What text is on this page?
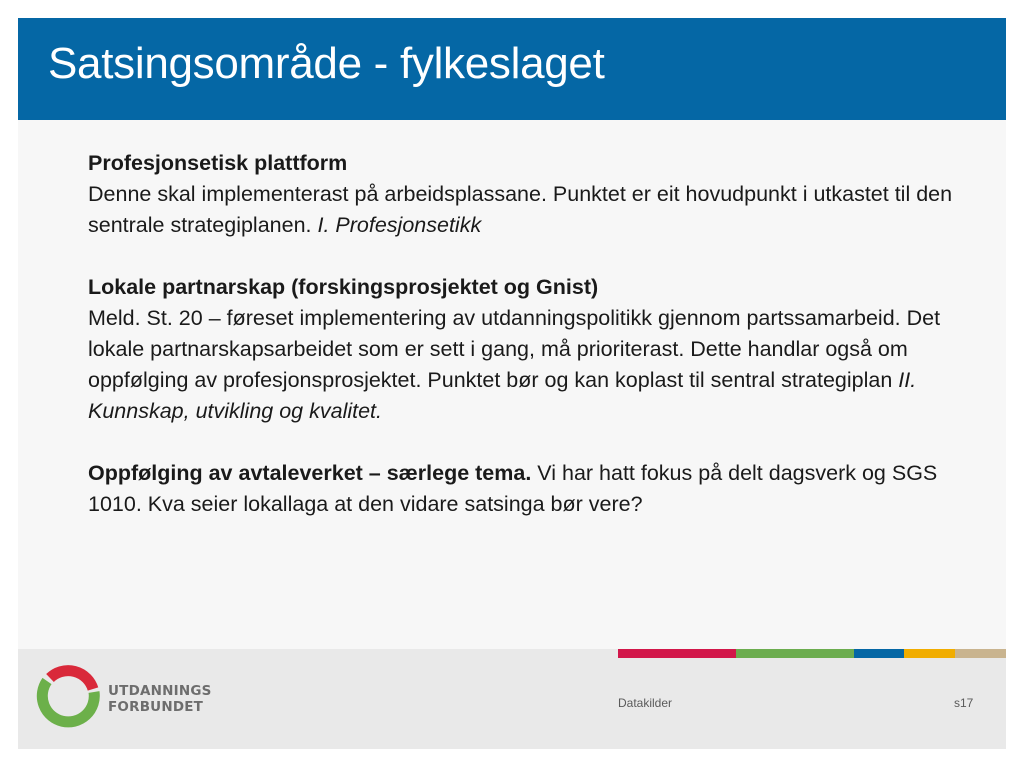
Satsingsområde - fylkeslaget

Profesjonsetisk plattform
Denne skal implementerast på arbeidsplassane. Punktet er eit hovudpunkt i utkastet til den sentrale strategiplanen. I. Profesjonsetikk

Lokale partnarskap (forskingsprosjektet og Gnist)
Meld. St. 20 – føreset implementering av utdanningspolitikk gjennom partssamarbeid. Det lokale partnarskapsarbeidet som er sett i gang, må prioriterast. Dette handlar også om oppfølging av profesjonsprosjektet. Punktet bør og kan koplast til sentral strategiplan II. Kunnskap, utvikling og kvalitet.

Oppfølging av avtaleverket – særlege tema. Vi har hatt fokus på delt dagsverk og SGS 1010. Kva seier lokallaga at den vidare satsinga bør vere?

UTDANNINGS
FORBUNDET	Datakilder	s17
